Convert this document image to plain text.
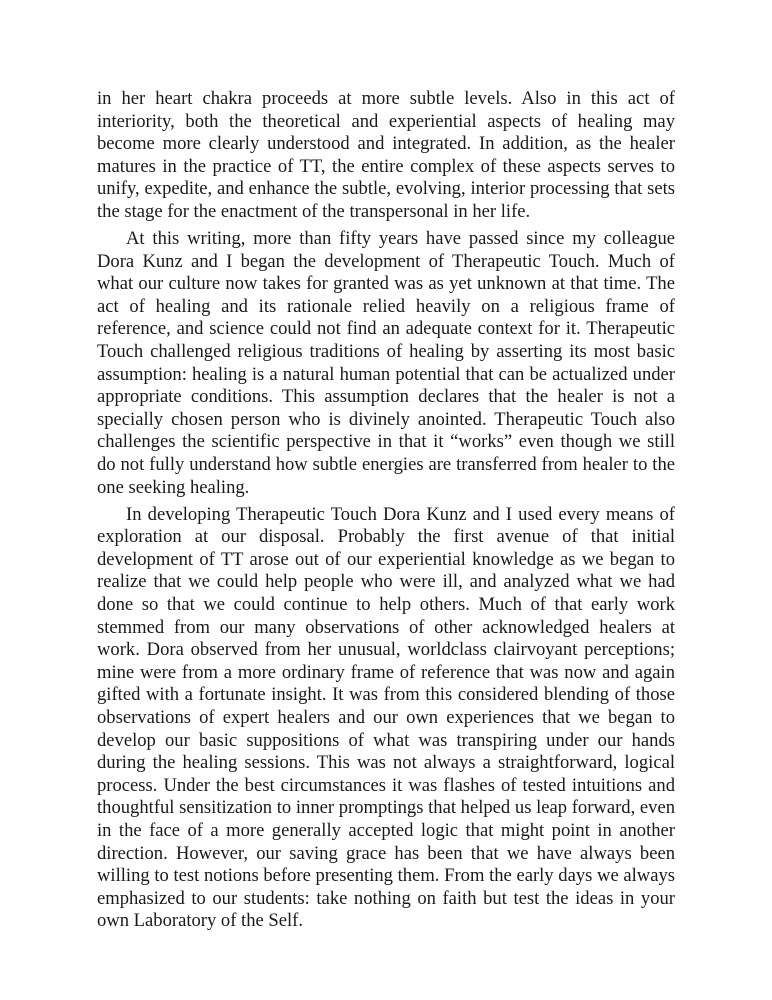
in her heart chakra proceeds at more subtle levels. Also in this act of interiority, both the theoretical and experiential aspects of healing may become more clearly understood and integrated. In addition, as the healer matures in the practice of TT, the entire complex of these aspects serves to unify, expedite, and enhance the subtle, evolving, interior processing that sets the stage for the enactment of the transpersonal in her life.

At this writing, more than fifty years have passed since my colleague Dora Kunz and I began the development of Therapeutic Touch. Much of what our culture now takes for granted was as yet unknown at that time. The act of healing and its rationale relied heavily on a religious frame of reference, and science could not find an adequate context for it. Therapeutic Touch challenged religious traditions of healing by asserting its most basic assumption: healing is a natural human potential that can be actualized under appropriate conditions. This assumption declares that the healer is not a specially chosen person who is divinely anointed. Therapeutic Touch also challenges the scientific perspective in that it “works” even though we still do not fully understand how subtle energies are transferred from healer to the one seeking healing.

In developing Therapeutic Touch Dora Kunz and I used every means of exploration at our disposal. Probably the first avenue of that initial development of TT arose out of our experiential knowledge as we began to realize that we could help people who were ill, and analyzed what we had done so that we could continue to help others. Much of that early work stemmed from our many observations of other acknowledged healers at work. Dora observed from her unusual, worldclass clairvoyant perceptions; mine were from a more ordinary frame of reference that was now and again gifted with a fortunate insight. It was from this considered blending of those observations of expert healers and our own experiences that we began to develop our basic suppositions of what was transpiring under our hands during the healing sessions. This was not always a straightforward, logical process. Under the best circumstances it was flashes of tested intuitions and thoughtful sensitization to inner promptings that helped us leap forward, even in the face of a more generally accepted logic that might point in another direction. However, our saving grace has been that we have always been willing to test notions before presenting them. From the early days we always emphasized to our students: take nothing on faith but test the ideas in your own Laboratory of the Self.
